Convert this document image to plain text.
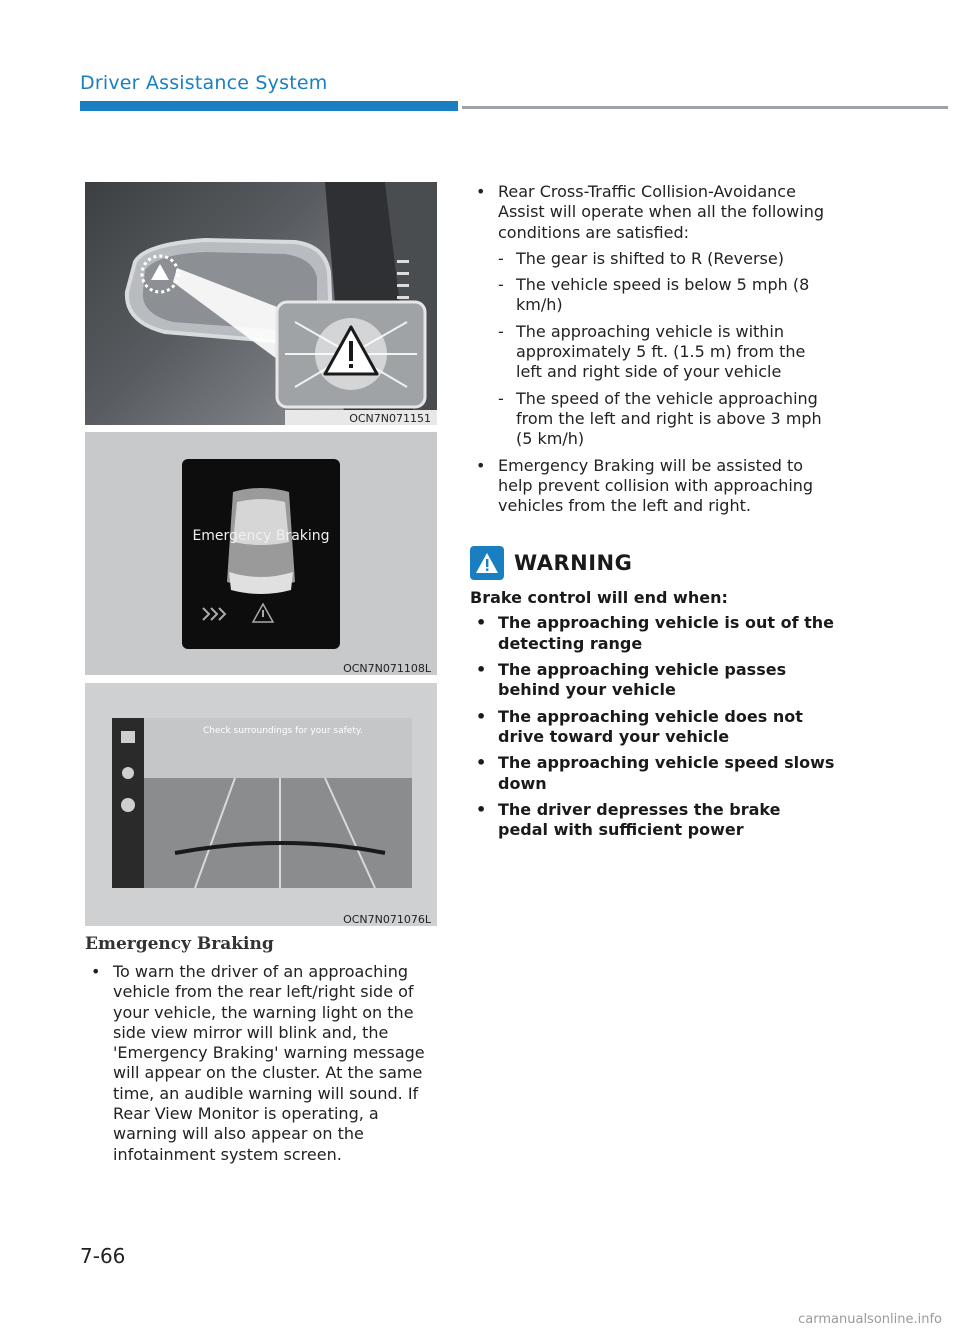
Driver Assistance System
OCN7N071151
Emergency Braking
OCN7N071108L
Check surroundings for your safety.
OCN7N071076L
Emergency Braking
• To warn the driver of an approaching vehicle from the rear left/right side of your vehicle, the warning light on the side view mirror will blink and, the 'Emergency Braking' warning message will appear on the cluster. At the same time, an audible warning will sound. If Rear View Monitor is operating, a warning will also appear on the infotainment system screen.
• Rear Cross-Traffic Collision-Avoidance Assist will operate when all the following conditions are satisfied:
- The gear is shifted to R (Reverse)
- The vehicle speed is below 5 mph (8 km/h)
- The approaching vehicle is within approximately 5 ft. (1.5 m) from the left and right side of your vehicle
- The speed of the vehicle approaching from the left and right is above 3 mph (5 km/h)
• Emergency Braking will be assisted to help prevent collision with approaching vehicles from the left and right.
WARNING
Brake control will end when:
• The approaching vehicle is out of the detecting range
• The approaching vehicle passes behind your vehicle
• The approaching vehicle does not drive toward your vehicle
• The approaching vehicle speed slows down
• The driver depresses the brake pedal with sufficient power
7-66
carmanualsonline.info
